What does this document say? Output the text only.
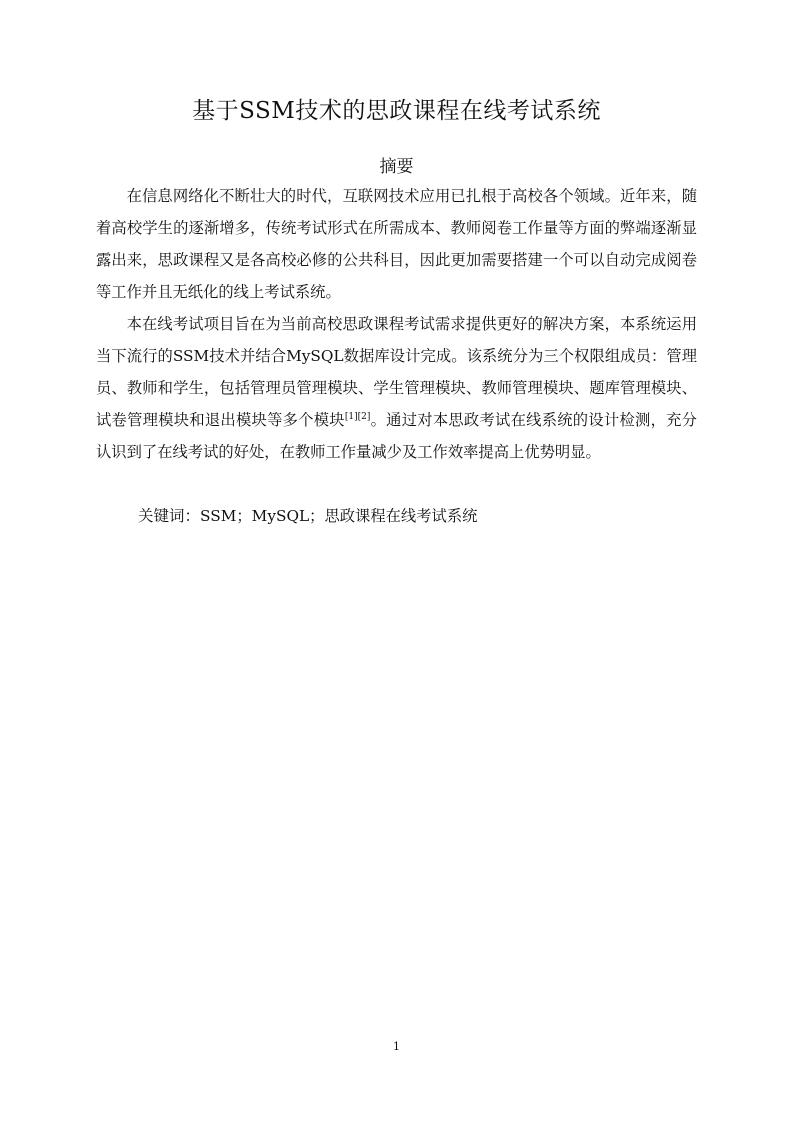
基于SSM技术的思政课程在线考试系统
摘要

在信息网络化不断壮大的时代，互联网技术应用已扎根于高校各个领域。近年来，随着高校学生的逐渐增多，传统考试形式在所需成本、教师阅卷工作量等方面的弊端逐渐显露出来，思政课程又是各高校必修的公共科目，因此更加需要搭建一个可以自动完成阅卷等工作并且无纸化的线上考试系统。

本在线考试项目旨在为当前高校思政课程考试需求提供更好的解决方案，本系统运用当下流行的SSM技术并结合MySQL数据库设计完成。该系统分为三个权限组成员：管理员、教师和学生，包括管理员管理模块、学生管理模块、教师管理模块、题库管理模块、试卷管理模块和退出模块等多个模块[1][2]。通过对本思政考试在线系统的设计检测，充分认识到了在线考试的好处，在教师工作量减少及工作效率提高上优势明显。

关键词：SSM；MySQL；思政课程在线考试系统
1
